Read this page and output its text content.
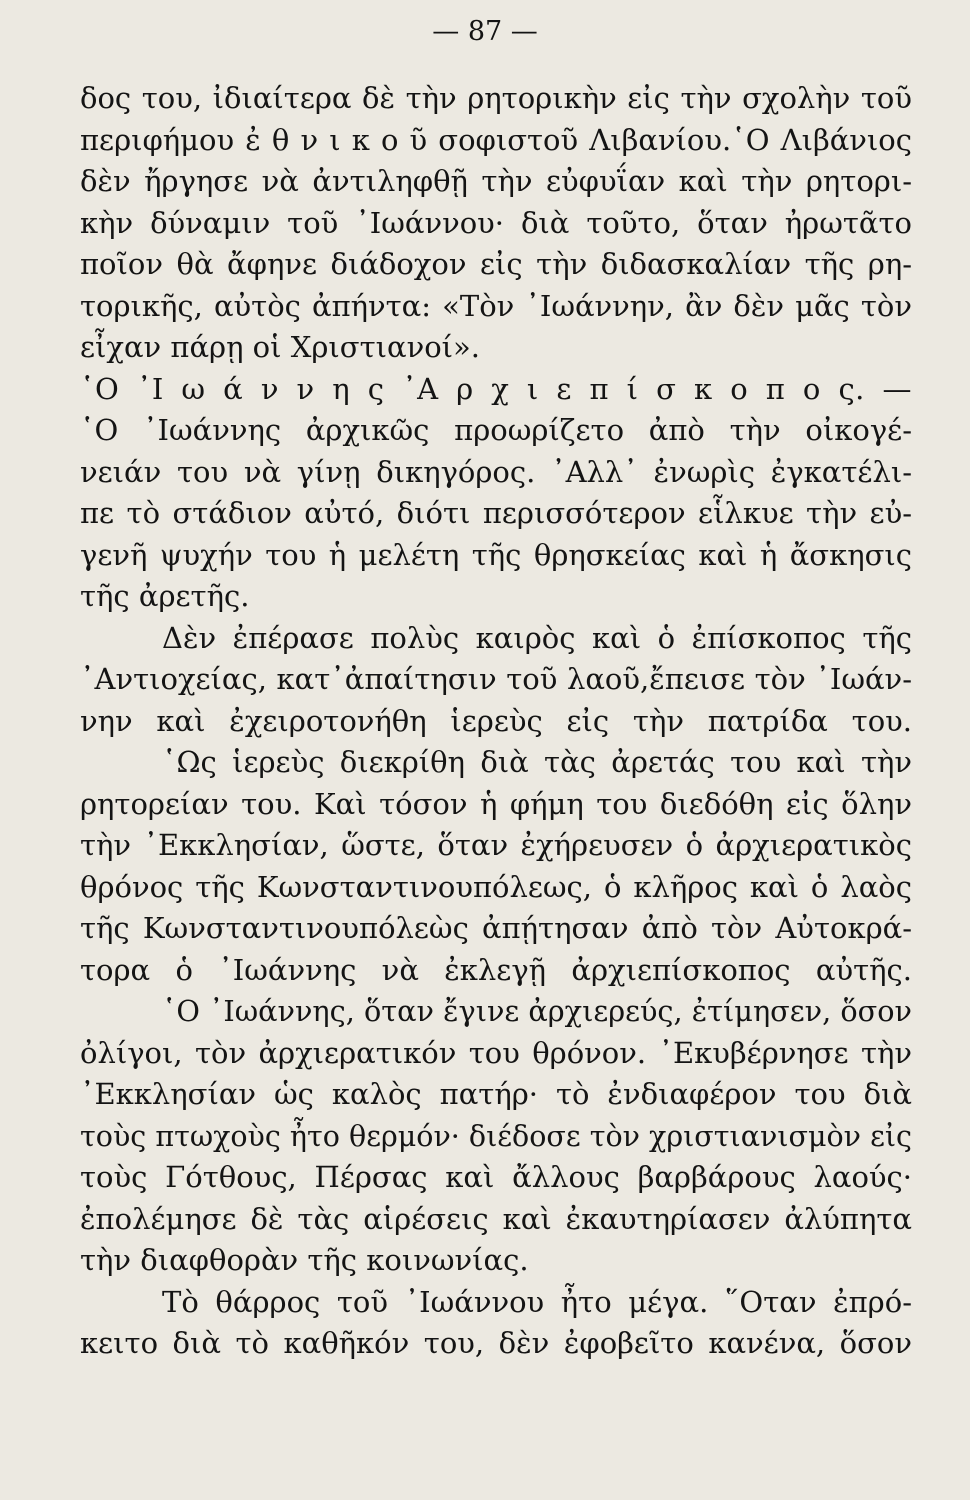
— 87 —
δος του, ἰδιαίτερα δὲ τὴν ρητορικὴν εἰς τὴν σχολὴν τοῦ
περιφήμου ἐ θ ν ι κ ο ῦ σοφιστοῦ Λιβανίου.῾Ο Λιβάνιος
δὲν ἤργησε νὰ ἀντιληφθῇ τὴν εὐφυΐαν καὶ τὴν ρητορι-
κὴν δύναμιν τοῦ ᾿Ιωάννου· διὰ τοῦτο, ὅταν ἠρωτᾶτο
ποῖον θὰ ἄφηνε διάδοχον εἰς τὴν διδασκαλίαν τῆς ρη-
τορικῆς, αὐτὸς ἀπήντα: «Τὸν ᾿Ιωάννην, ἂν δὲν μᾶς τὸν
εἶχαν πάρῃ οἱ Χριστιανοί».
῾Ο ᾿Ι ω ά ν ν η ς ᾿Α ρ χ ι ε π ί σ κ ο π ο ς. —
῾Ο ᾿Ιωάννης ἀρχικῶς προωρίζετο ἀπὸ τὴν οἰκογέ-
νειάν του νὰ γίνῃ δικηγόρος. ᾿Αλλ᾿ ἐνωρὶς ἐγκατέλι-
πε τὸ στάδιον αὐτό, διότι περισσότερον εἷλκυε τὴν εὐ-
γενῆ ψυχήν του ἡ μελέτη τῆς θρησκείας καὶ ἡ ἄσκησις
τῆς ἀρετῆς.
Δὲν ἐπέρασε πολὺς καιρὸς καὶ ὁ ἐπίσκοπος τῆς
᾿Αντιοχείας, κατ᾿ἀπαίτησιν τοῦ λαοῦ,ἔπεισε τὸν ᾿Ιωάν-
νην καὶ ἐχειροτονήθη ἱερεὺς εἰς τὴν πατρίδα του.
῾Ως ἱερεὺς διεκρίθη διὰ τὰς ἀρετάς του καὶ τὴν
ρητορείαν του. Καὶ τόσον ἡ φήμη του διεδόθη εἰς ὅλην
τὴν ᾿Εκκλησίαν, ὥστε, ὅταν ἐχήρευσεν ὁ ἀρχιερατικὸς
θρόνος τῆς Κωνσταντινουπόλεως, ὁ κλῆρος καὶ ὁ λαὸς
τῆς Κωνσταντινουπόλεὼς ἀπῄτησαν ἀπὸ τὸν Αὐτοκρά-
τορα ὁ ᾿Ιωάννης νὰ ἐκλεγῇ ἀρχιεπίσκοπος αὐτῆς.
῾Ο ᾿Ιωάννης, ὅταν ἔγινε ἀρχιερεύς, ἐτίμησεν, ὅσον
ὀλίγοι, τὸν ἀρχιερατικόν του θρόνον. ᾿Εκυβέρνησε τὴν
᾿Εκκλησίαν ὡς καλὸς πατήρ· τὸ ἐνδιαφέρον του διὰ
τοὺς πτωχοὺς ἦτο θερμόν· διέδοσε τὸν χριστιανισμὸν εἰς
τοὺς Γότθους, Πέρσας καὶ ἄλλους βαρβάρους λαούς·
ἐπολέμησε δὲ τὰς αἱρέσεις καὶ ἐκαυτηρίασεν ἀλύπητα
τὴν διαφθορὰν τῆς κοινωνίας.
Τὸ θάρρος τοῦ ᾿Ιωάννου ἦτο μέγα. ῞Οταν ἐπρό-
κειτο διὰ τὸ καθῆκόν του, δὲν ἐφοβεῖτο κανένα, ὅσον
